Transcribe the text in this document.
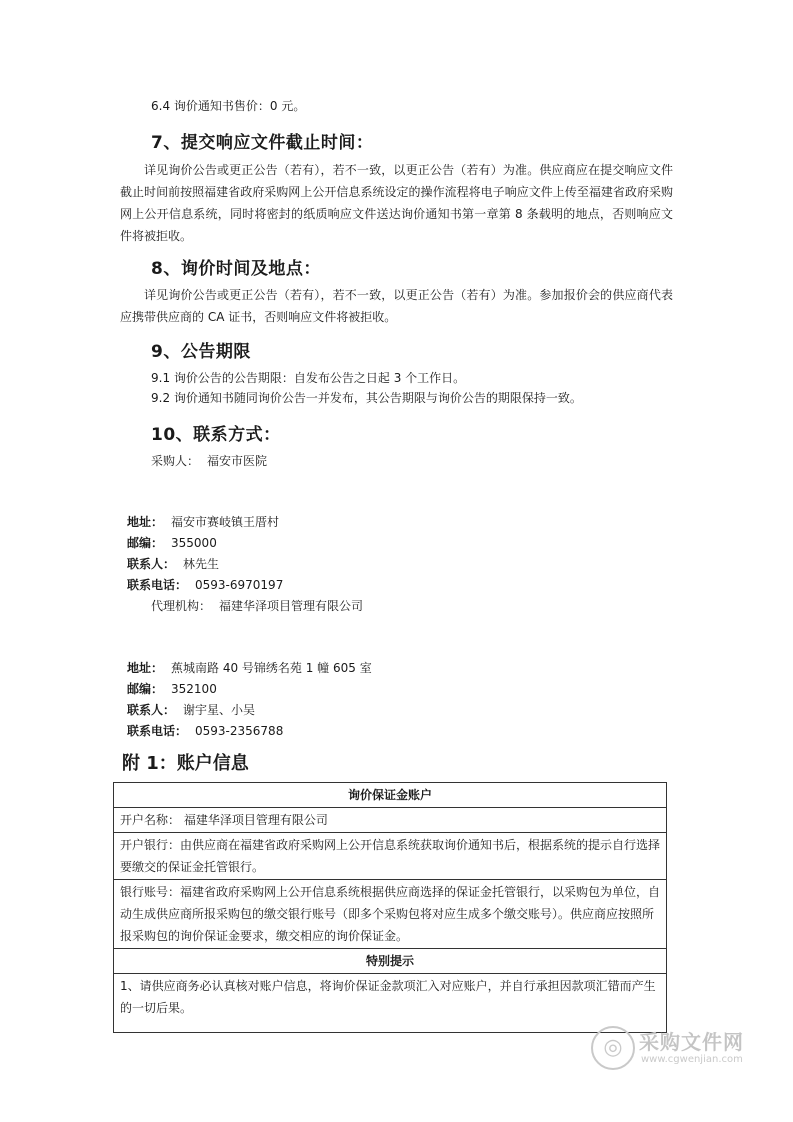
6.4 询价通知书售价：0 元。
7、提交响应文件截止时间：
详见询价公告或更正公告（若有），若不一致，以更正公告（若有）为准。供应商应在提交响应文件截止时间前按照福建省政府采购网上公开信息系统设定的操作流程将电子响应文件上传至福建省政府采购网上公开信息系统，同时将密封的纸质响应文件送达询价通知书第一章第 8 条载明的地点，否则响应文件将被拒收。
8、询价时间及地点：
详见询价公告或更正公告（若有），若不一致，以更正公告（若有）为准。参加报价会的供应商代表应携带供应商的 CA 证书，否则响应文件将被拒收。
9、公告期限
9.1 询价公告的公告期限：自发布公告之日起 3 个工作日。
9.2 询价通知书随同询价公告一并发布，其公告期限与询价公告的期限保持一致。
10、联系方式：
采购人： 福安市医院
地址： 福安市赛岐镇王厝村
邮编： 355000
联系人： 林先生
联系电话： 0593-6970197
代理机构： 福建华泽项目管理有限公司
地址： 蕉城南路 40 号锦绣名苑 1 幢 605 室
邮编： 352100
联系人： 谢宇星、小吴
联系电话： 0593-2356788
附 1：账户信息
询价保证金账户
开户名称： 福建华泽项目管理有限公司
开户银行：由供应商在福建省政府采购网上公开信息系统获取询价通知书后，根据系统的提示自行选择要缴交的保证金托管银行。
银行账号：福建省政府采购网上公开信息系统根据供应商选择的保证金托管银行，以采购包为单位，自动生成供应商所报采购包的缴交银行账号（即多个采购包将对应生成多个缴交账号）。供应商应按照所报采购包的询价保证金要求，缴交相应的询价保证金。
特别提示
1、请供应商务必认真核对账户信息，将询价保证金款项汇入对应账户，并自行承担因款项汇错而产生的一切后果。
◎ 采购文件网
www.cgwenjian.com
